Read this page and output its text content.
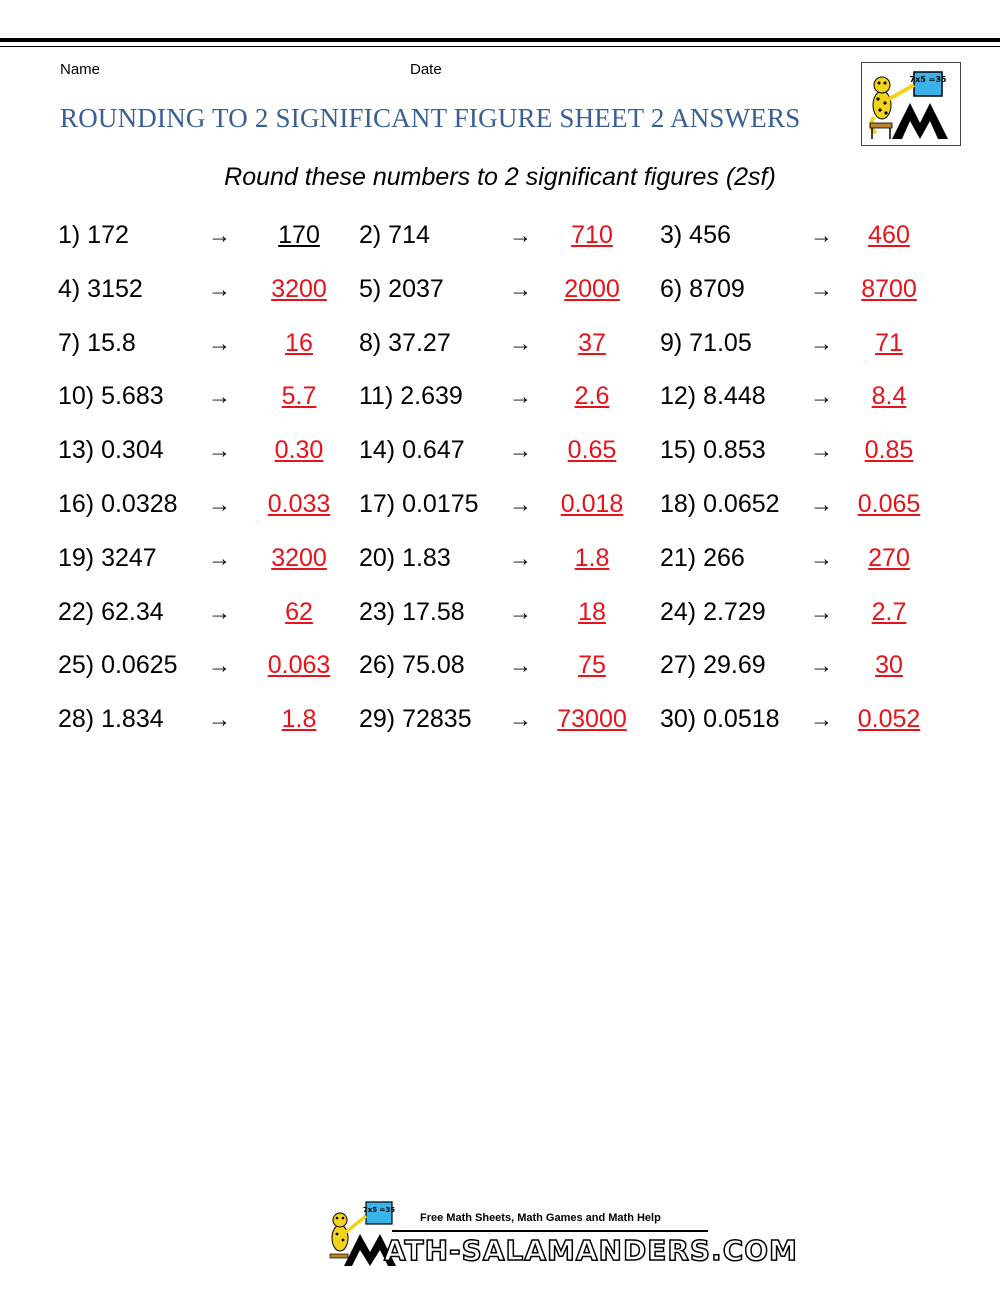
Name	Date
ROUNDING TO 2 SIGNIFICANT FIGURE SHEET 2 ANSWERS
7x5 =35
Round these numbers to 2 significant figures (2sf)
1) 172	→ 170 2) 714	→ 710 3) 456	→ 460
4) 3152	→ 3200 5) 2037	→ 2000 6) 8709	→ 8700
7) 15.8	→ 16 8) 37.27	→ 37 9) 71.05	→ 71
10) 5.683 → 5.7 11) 2.639 → 2.6 12) 8.448 → 8.4
13) 0.304 → 0.30 14) 0.647 → 0.65 15) 0.853 → 0.85
16) 0.0328 → 0.033 17) 0.0175 → 0.018 18) 0.0652 → 0.065
19) 3247 → 3200 20) 1.83	→ 1.8 21) 266	→ 270
22) 62.34 → 62 23) 17.58 → 18 24) 2.729 → 2.7
25) 0.0625 → 0.063 26) 75.08 → 75 27) 29.69 → 30
28) 1.834 → 1.8 29) 72835 → 73000 30) 0.0518 → 0.052
7x5 =35
Free Math Sheets, Math Games and Math Help
ATH-SALAMANDERS.COM
